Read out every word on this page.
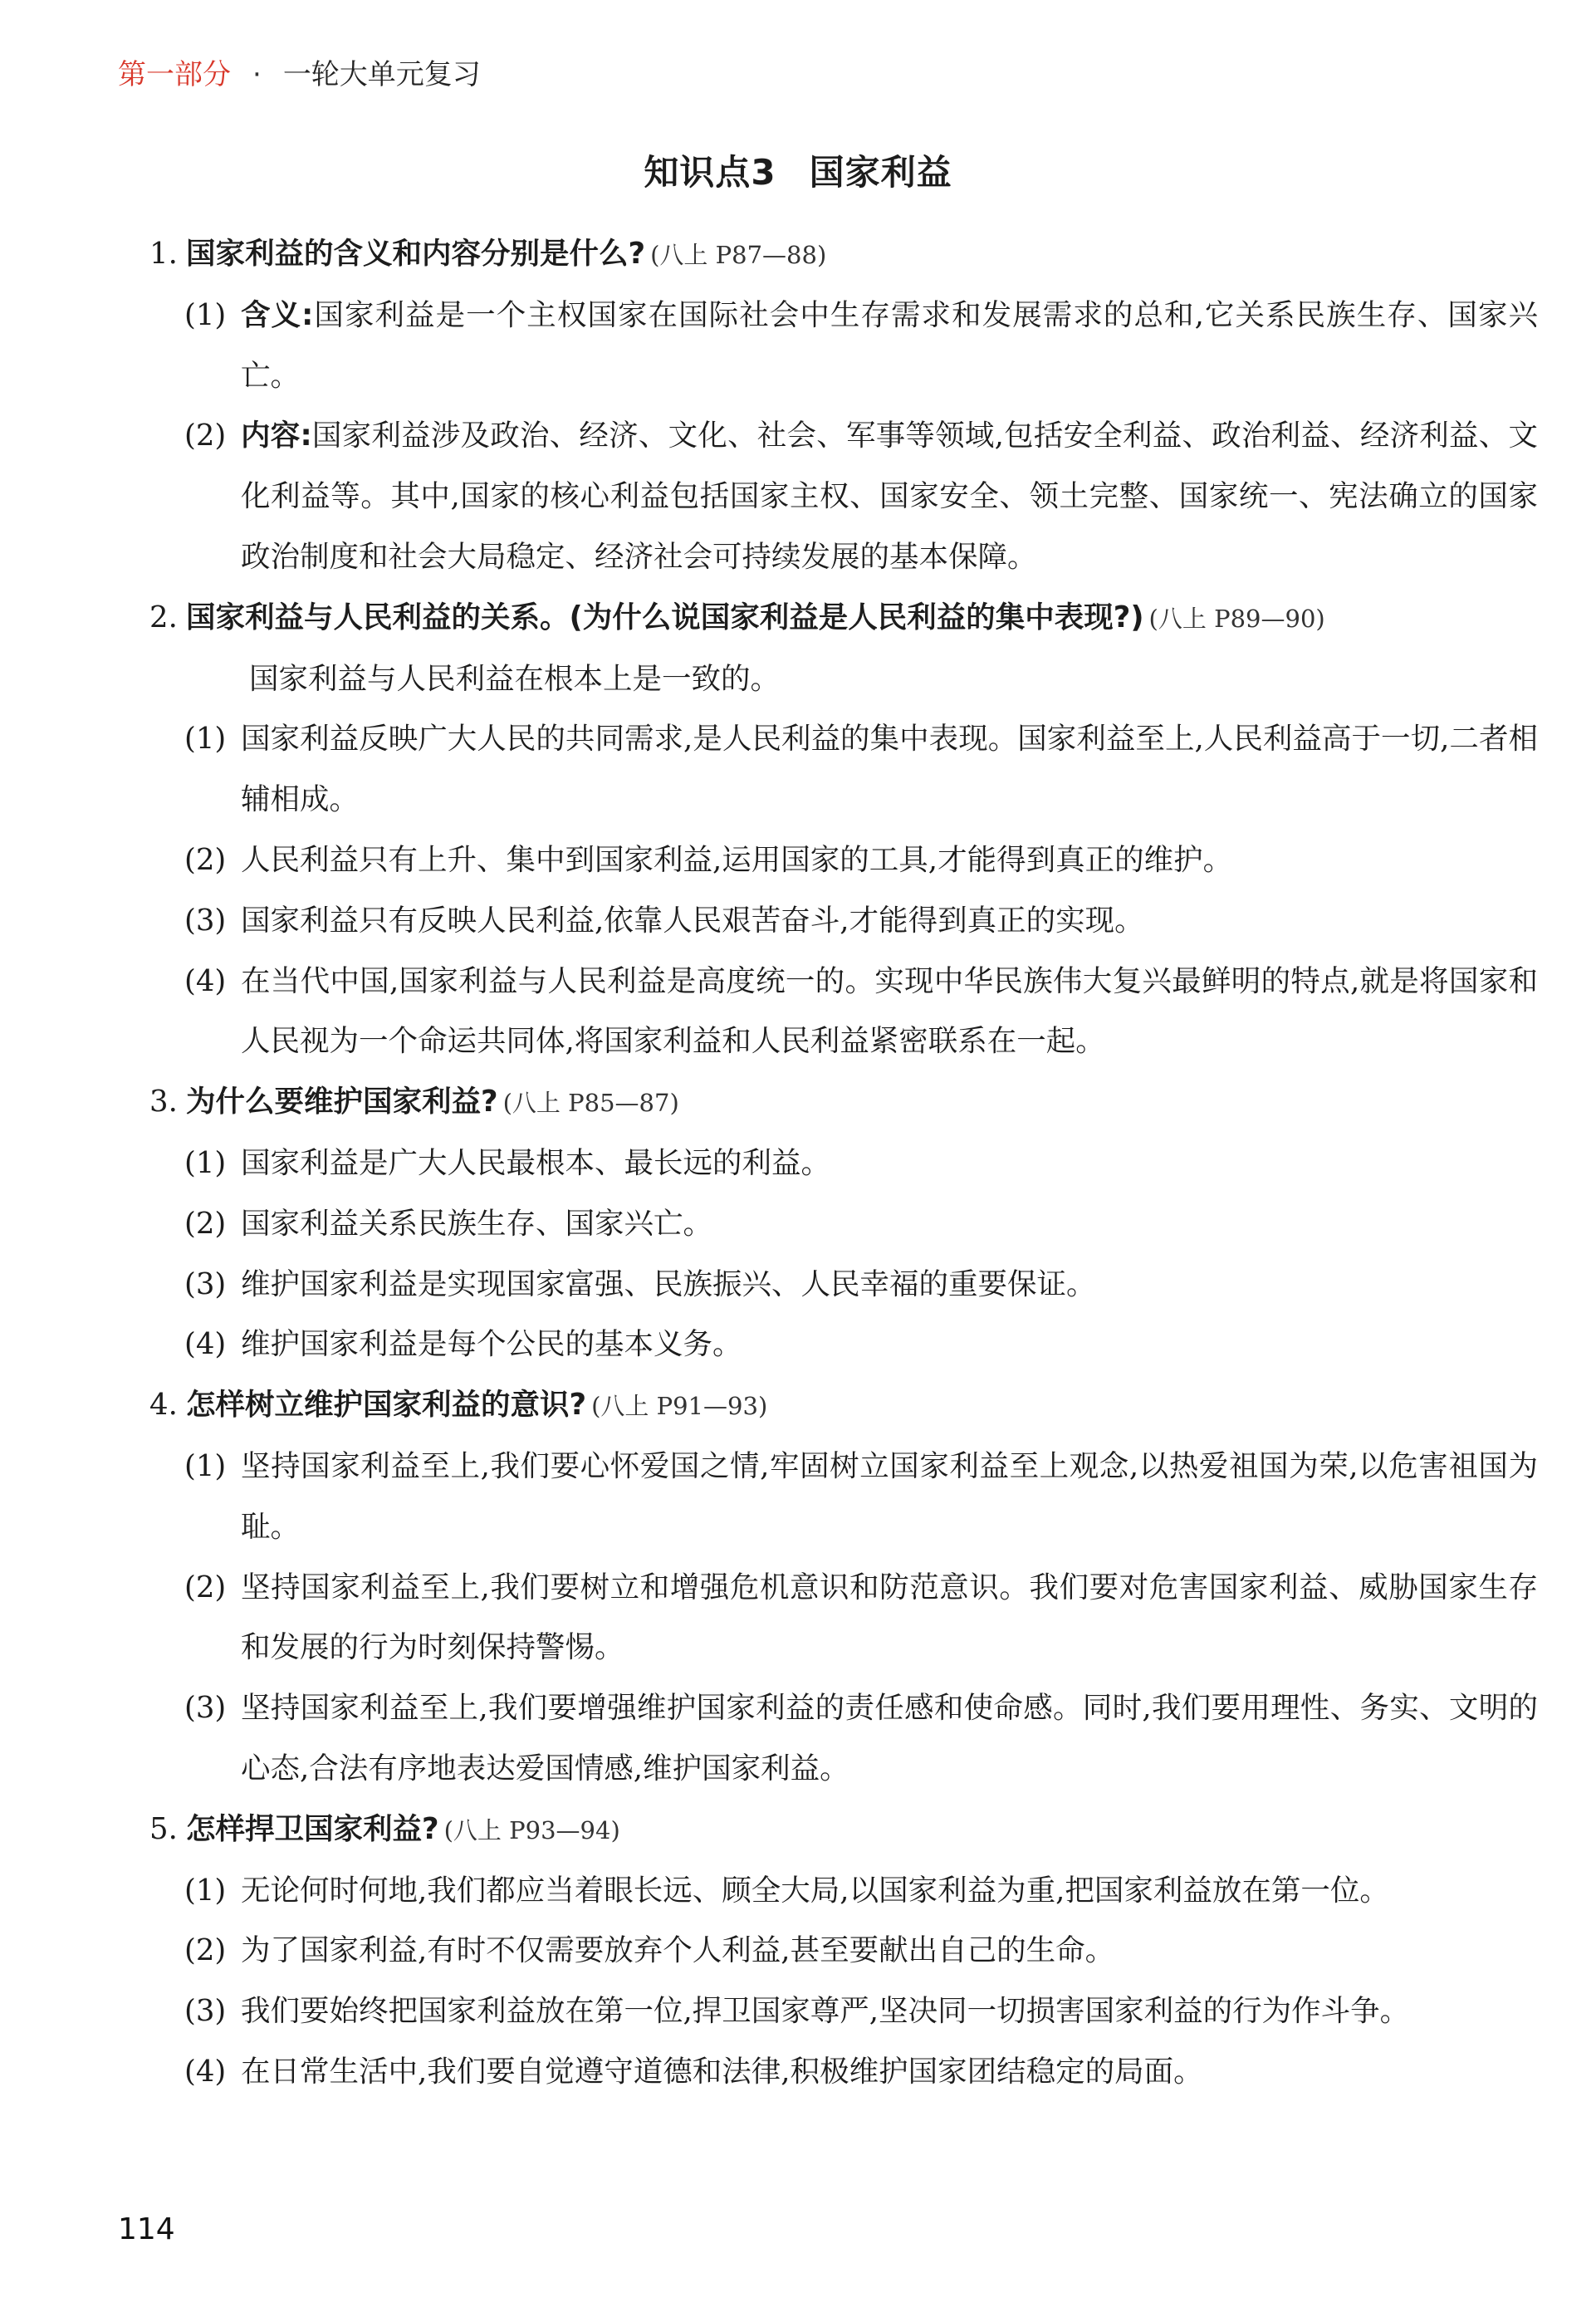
第一部分 · 一轮大单元复习
知识点3 国家利益
1. 国家利益的含义和内容分别是什么? (八上 P87—88)
(1) 含义:国家利益是一个主权国家在国际社会中生存需求和发展需求的总和,它关系民族生存、国家兴亡。
(2) 内容:国家利益涉及政治、经济、文化、社会、军事等领域,包括安全利益、政治利益、经济利益、文化利益等。其中,国家的核心利益包括国家主权、国家安全、领土完整、国家统一、宪法确立的国家政治制度和社会大局稳定、经济社会可持续发展的基本保障。
2. 国家利益与人民利益的关系。(为什么说国家利益是人民利益的集中表现?) (八上 P89—90)
国家利益与人民利益在根本上是一致的。
(1) 国家利益反映广大人民的共同需求,是人民利益的集中表现。国家利益至上,人民利益高于一切,二者相辅相成。
(2) 人民利益只有上升、集中到国家利益,运用国家的工具,才能得到真正的维护。
(3) 国家利益只有反映人民利益,依靠人民艰苦奋斗,才能得到真正的实现。
(4) 在当代中国,国家利益与人民利益是高度统一的。实现中华民族伟大复兴最鲜明的特点,就是将国家和人民视为一个命运共同体,将国家利益和人民利益紧密联系在一起。
3. 为什么要维护国家利益? (八上 P85—87)
(1) 国家利益是广大人民最根本、最长远的利益。
(2) 国家利益关系民族生存、国家兴亡。
(3) 维护国家利益是实现国家富强、民族振兴、人民幸福的重要保证。
(4) 维护国家利益是每个公民的基本义务。
4. 怎样树立维护国家利益的意识? (八上 P91—93)
(1) 坚持国家利益至上,我们要心怀爱国之情,牢固树立国家利益至上观念,以热爱祖国为荣,以危害祖国为耻。
(2) 坚持国家利益至上,我们要树立和增强危机意识和防范意识。我们要对危害国家利益、威胁国家生存和发展的行为时刻保持警惕。
(3) 坚持国家利益至上,我们要增强维护国家利益的责任感和使命感。同时,我们要用理性、务实、文明的心态,合法有序地表达爱国情感,维护国家利益。
5. 怎样捍卫国家利益? (八上 P93—94)
(1) 无论何时何地,我们都应当着眼长远、顾全大局,以国家利益为重,把国家利益放在第一位。
(2) 为了国家利益,有时不仅需要放弃个人利益,甚至要献出自己的生命。
(3) 我们要始终把国家利益放在第一位,捍卫国家尊严,坚决同一切损害国家利益的行为作斗争。
(4) 在日常生活中,我们要自觉遵守道德和法律,积极维护国家团结稳定的局面。
114
